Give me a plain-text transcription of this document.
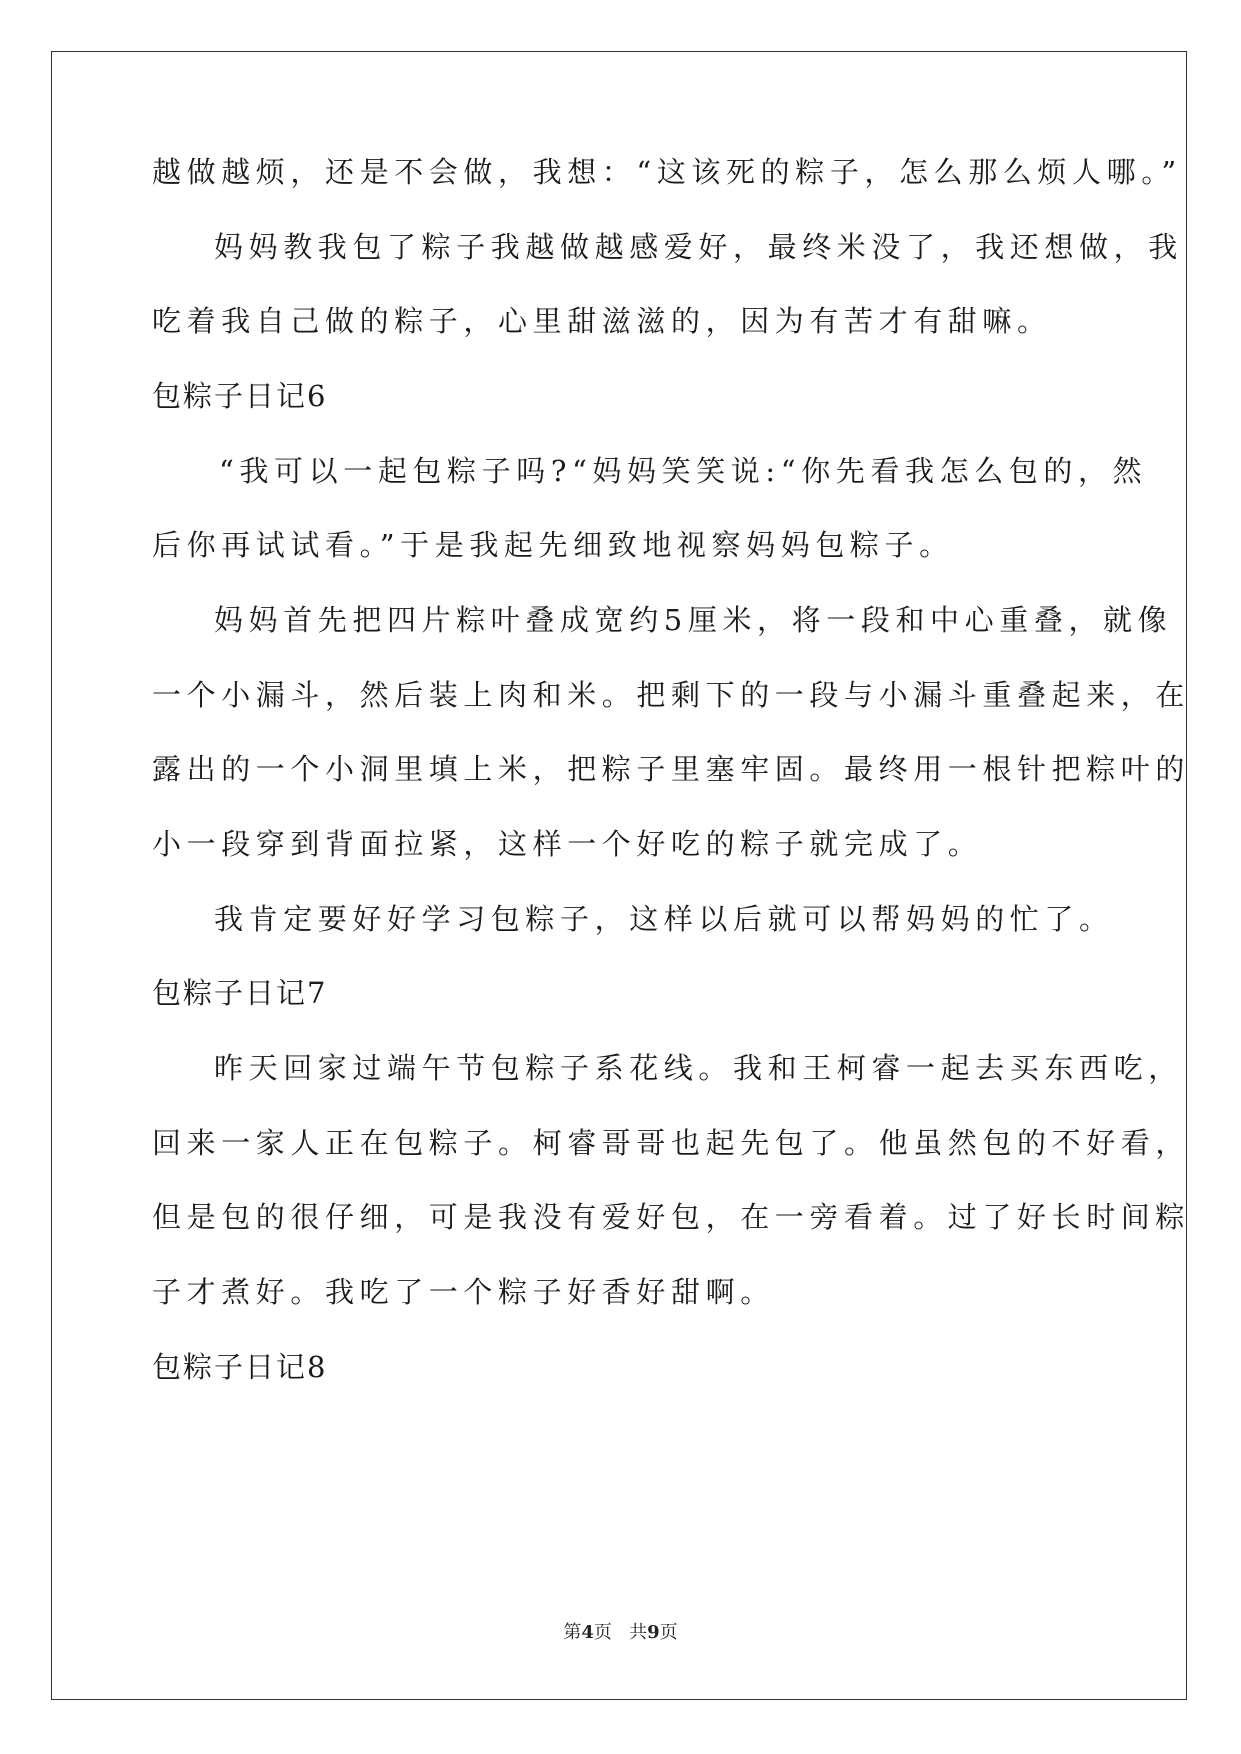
越做越烦，还是不会做，我想：“这该死的粽子，怎么那么烦人哪。”
妈妈教我包了粽子我越做越感爱好，最终米没了，我还想做，我
吃着我自己做的粽子，心里甜滋滋的，因为有苦才有甜嘛。
包粽子日记6
“我可以一起包粽子吗?“妈妈笑笑说:“你先看我怎么包的，然
后你再试试看。”于是我起先细致地视察妈妈包粽子。
妈妈首先把四片粽叶叠成宽约5厘米，将一段和中心重叠，就像
一个小漏斗，然后装上肉和米。把剩下的一段与小漏斗重叠起来，在
露出的一个小洞里填上米，把粽子里塞牢固。最终用一根针把粽叶的
小一段穿到背面拉紧，这样一个好吃的粽子就完成了。
我肯定要好好学习包粽子，这样以后就可以帮妈妈的忙了。
包粽子日记7
昨天回家过端午节包粽子系花线。我和王柯睿一起去买东西吃，
回来一家人正在包粽子。柯睿哥哥也起先包了。他虽然包的不好看，
但是包的很仔细，可是我没有爱好包，在一旁看着。过了好长时间粽
子才煮好。我吃了一个粽子好香好甜啊。
包粽子日记8
第4页   共9页
